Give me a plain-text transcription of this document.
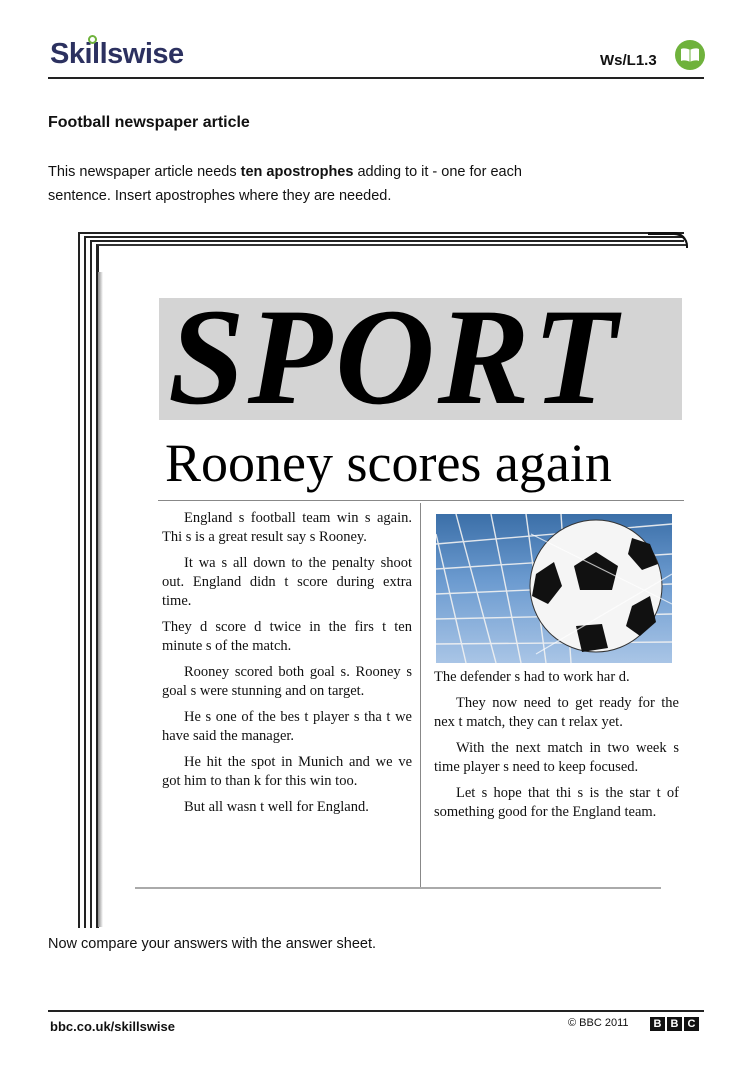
Skillswise	Ws/L1.3
Football newspaper article
This newspaper article needs ten apostrophes adding to it - one for each sentence. Insert apostrophes where they are needed.
SPORT
Rooney scores again

England s football team win s again. Thi s is a great result say s Rooney.

It wa s all down to the penalty shoot out. England didn t score during extra time.

They d score d twice in the firs t ten minute s of the match.

Rooney scored both goal s. Rooney s goal s were stunning and on target.

He s one of the bes t player s tha t we have said the manager.

He hit the spot in Munich and we ve got him to than k for this win too.

But all wasn t well for England.

The defender s had to work har d.

They now need to get ready for the nex t match, they can t relax yet.

With the next match in two week s time player s need to keep focused.

Let s hope that thi s is the star t of something good for the England team.

Now compare your answers with the answer sheet.
bbc.co.uk/skillswise	© BBC 2011	B B C
